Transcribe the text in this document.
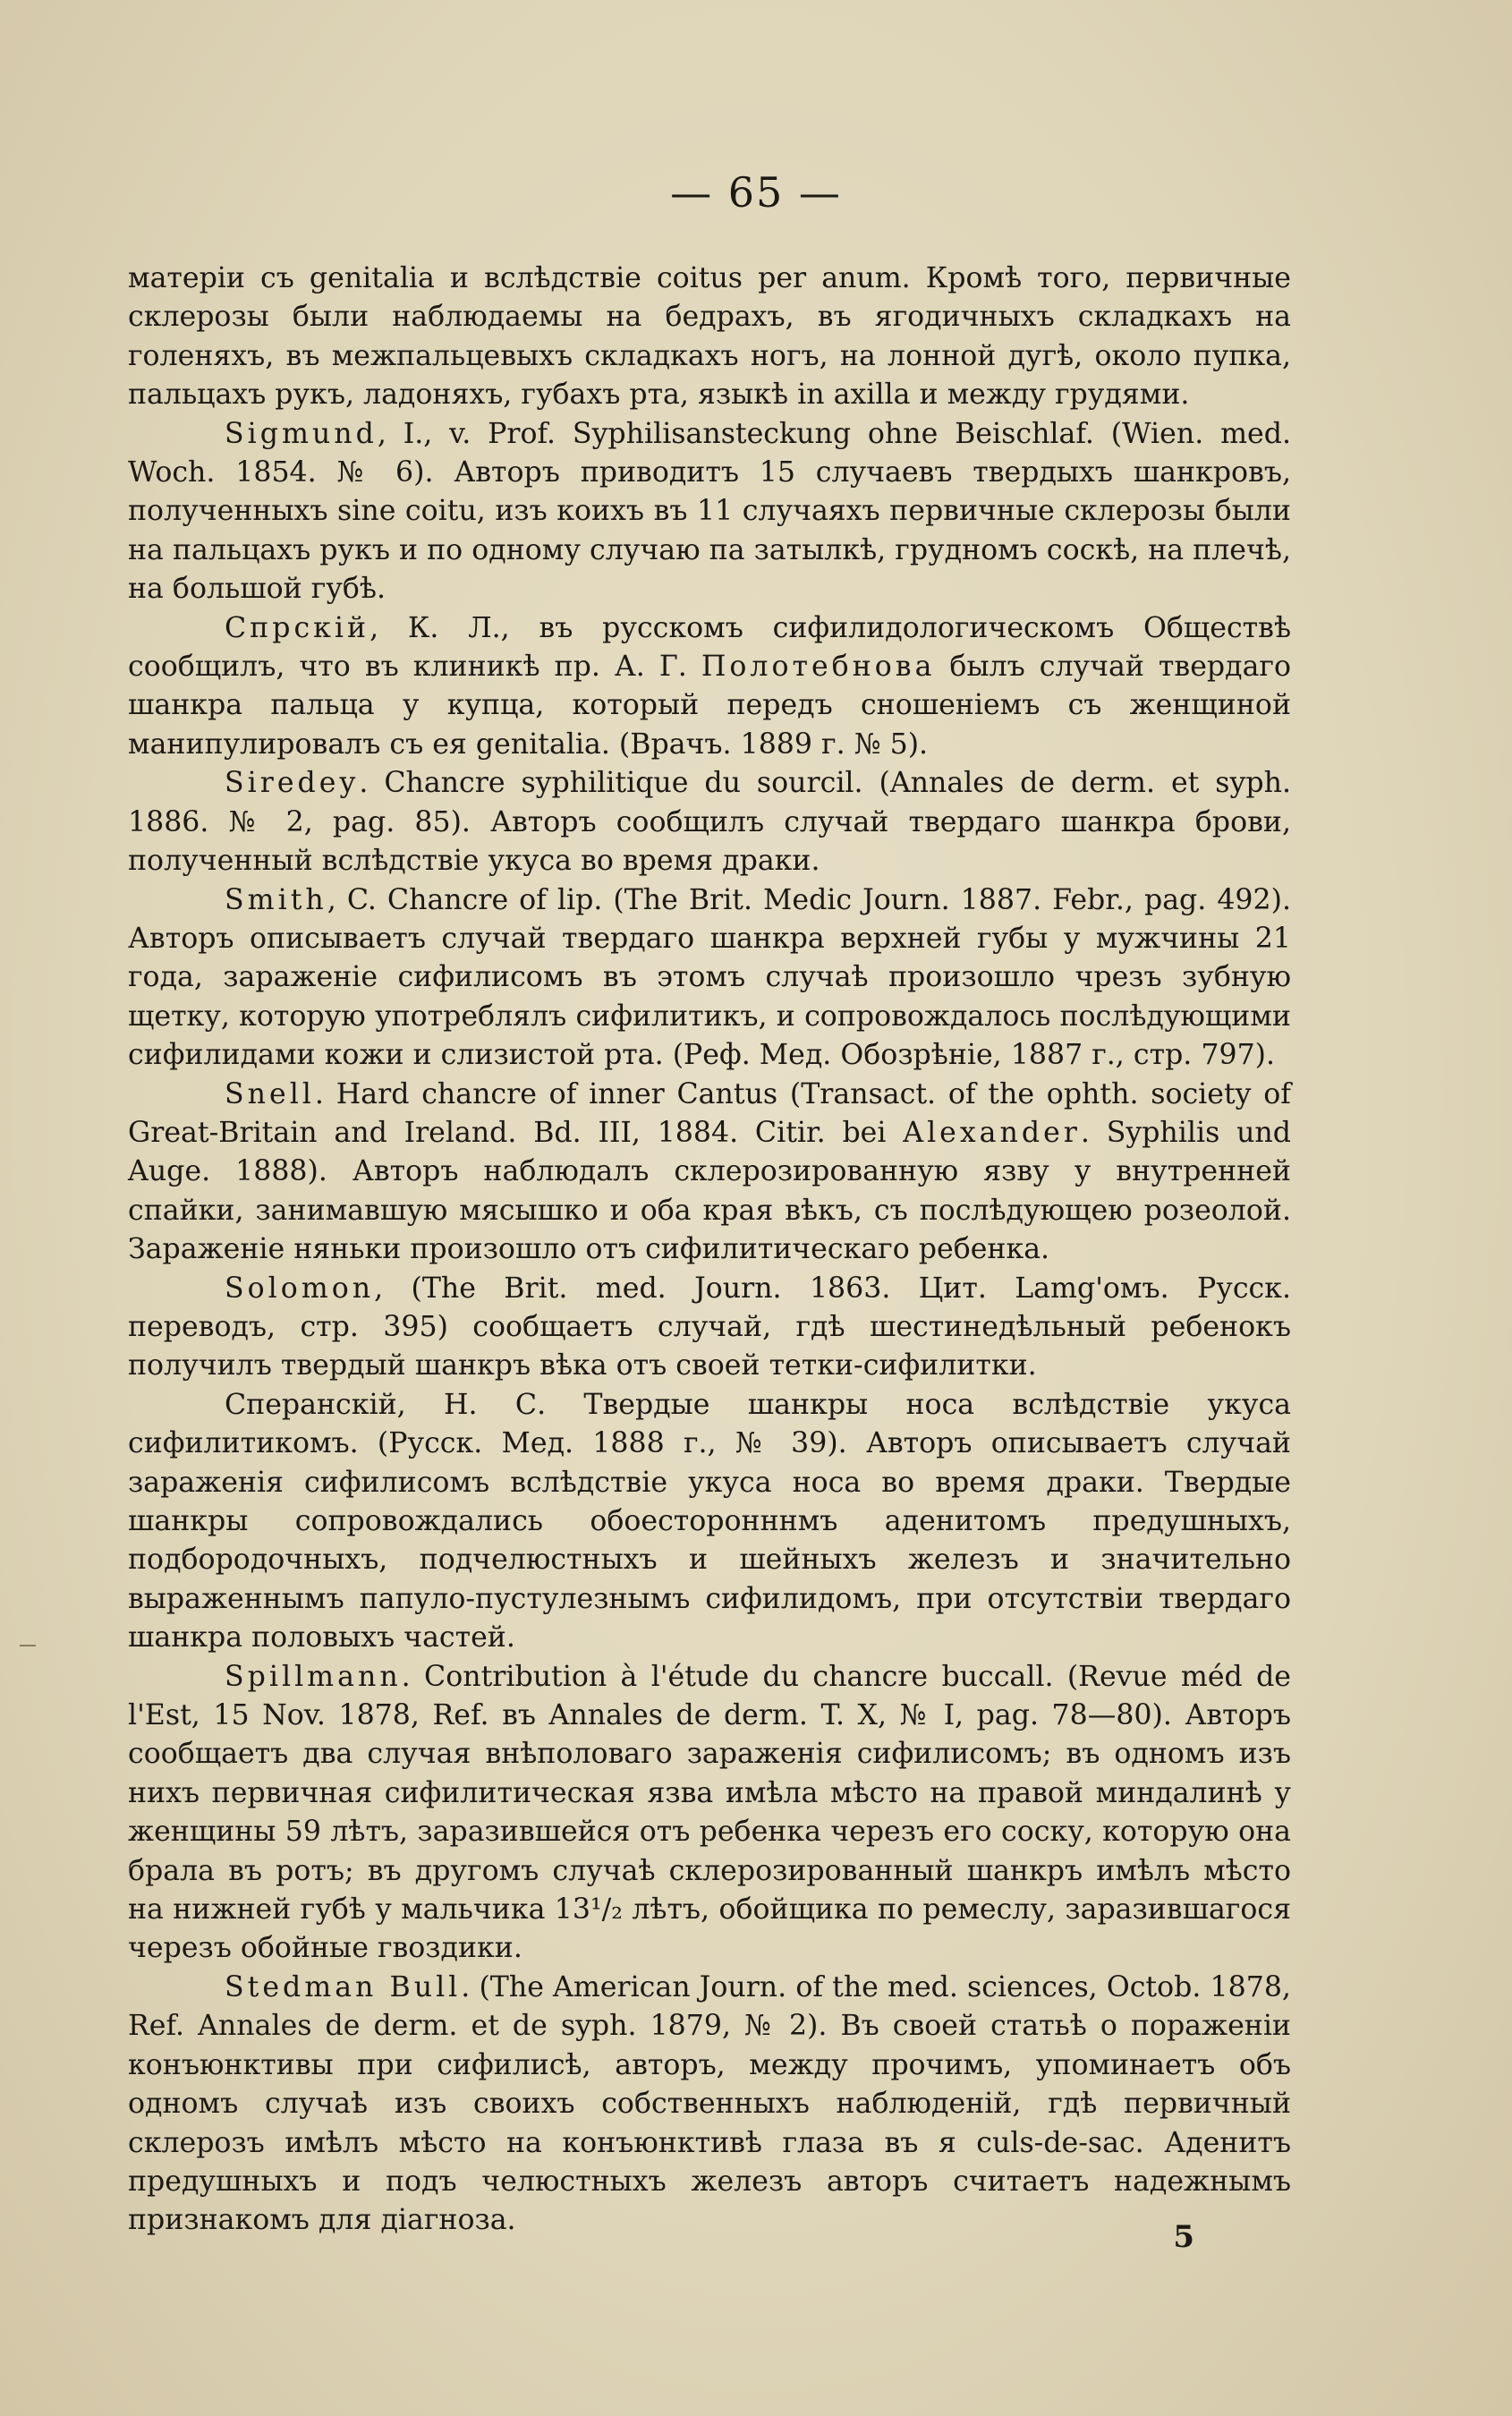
— 65 —

матеріи съ genitalia и вслѣдствіе coitus per anum. Кромѣ того, первичные склерозы были наблюдаемы на бедрахъ, въ ягодичныхъ складкахъ на голеняхъ, въ межпальцевыхъ складкахъ ногъ, на лонной дугѣ, около пупка, пальцахъ рукъ, ладоняхъ, губахъ рта, языкѣ in axilla и между грудями.

Sigmund, I., v. Prof. Syphilisansteckung ohne Beischlaf. (Wien. med. Woch. 1854. № 6). Авторъ приводитъ 15 случаевъ твердыхъ шанкровъ, полученныхъ sine coitu, изъ коихъ въ 11 случаяхъ первичные склерозы были на пальцахъ рукъ и по одному случаю па затылкѣ, грудномъ соскѣ, на плечѣ, на большой губѣ.

Спрскій, К. Л., въ русскомъ сифилидологическомъ Обществѣ сообщилъ, что въ клиникѣ пр. А. Г. Полотебнова былъ случай твердаго шанкра пальца у купца, который передъ сношеніемъ съ женщиной манипулировалъ съ ея genitalia. (Врачъ. 1889 г. № 5).

Siredey. Chancre syphilitique du sourcil. (Annales de derm. et syph. 1886. № 2, pag. 85). Авторъ сообщилъ случай твердаго шанкра брови, полученный вслѣдствіе укуса во время драки.

Smith, C. Chancre of lip. (The Brit. Medic Journ. 1887. Febr., pag. 492). Авторъ описываетъ случай твердаго шанкра верхней губы у мужчины 21 года, зараженіе сифилисомъ въ этомъ случаѣ произошло чрезъ зубную щетку, которую употреблялъ сифилитикъ, и сопровождалось послѣдующими сифилидами кожи и слизистой рта. (Реф. Мед. Обозрѣніе, 1887 г., стр. 797).

Snell. Hard chancre of inner Cantus (Transact. of the ophth. society of Great-Britain and Ireland. Bd. III, 1884. Citir. bei Alexander. Syphilis und Auge. 1888). Авторъ наблюдалъ склерозированную язву у внутренней спайки, занимавшую мясышко и оба края вѣкъ, съ послѣдующею розеолой. Зараженіе няньки произошло отъ сифилитическаго ребенка.

Solomon, (The Brit. med. Journ. 1863. Цит. Lamg'омъ. Русск. переводъ, стр. 395) сообщаетъ случай, гдѣ шестинедѣльный ребенокъ получилъ твердый шанкръ вѣка отъ своей тетки-сифилитки.

Сперанскій, Н. С. Твердые шанкры носа вслѣдствіе укуса сифилитикомъ. (Русск. Мед. 1888 г., № 39). Авторъ описываетъ случай зараженія сифилисомъ вслѣдствіе укуса носа во время драки. Твердые шанкры сопровождались обоесторонннмъ аденитомъ предушныхъ, подбородочныхъ, подчелюстныхъ и шейныхъ железъ и значительно выраженнымъ папуло-пустулезнымъ сифилидомъ, при отсутствіи твердаго шанкра половыхъ частей.

Spillmann. Contribution à l'étude du chancre buccall. (Revue méd de l'Est, 15 Nov. 1878, Ref. въ Annales de derm. T. X, № I, pag. 78—80). Авторъ сообщаетъ два случая внѣполоваго зараженія сифилисомъ; въ одномъ изъ нихъ первичная сифилитическая язва имѣла мѣсто на правой миндалинѣ у женщины 59 лѣтъ, заразившейся отъ ребенка черезъ его соску, которую она брала въ ротъ; въ другомъ случаѣ склерозированный шанкръ имѣлъ мѣсто на нижней губѣ у мальчика 13¹/₂ лѣтъ, обойщика по ремеслу, заразившагося черезъ обойные гвоздики.

Stedman Bull. (The American Journ. of the med. sciences, Octob. 1878, Ref. Annales de derm. et de syph. 1879, № 2). Въ своей статьѣ о пораженіи конъюнктивы при сифилисѣ, авторъ, между прочимъ, упоминаетъ объ одномъ случаѣ изъ своихъ собственныхъ наблюденій, гдѣ первичный склерозъ имѣлъ мѣсто на конъюнктивѣ глаза въ я culs-de-sac. Аденитъ предушныхъ и подъ челюстныхъ железъ авторъ считаетъ надежнымъ признакомъ для діагноза.	5
